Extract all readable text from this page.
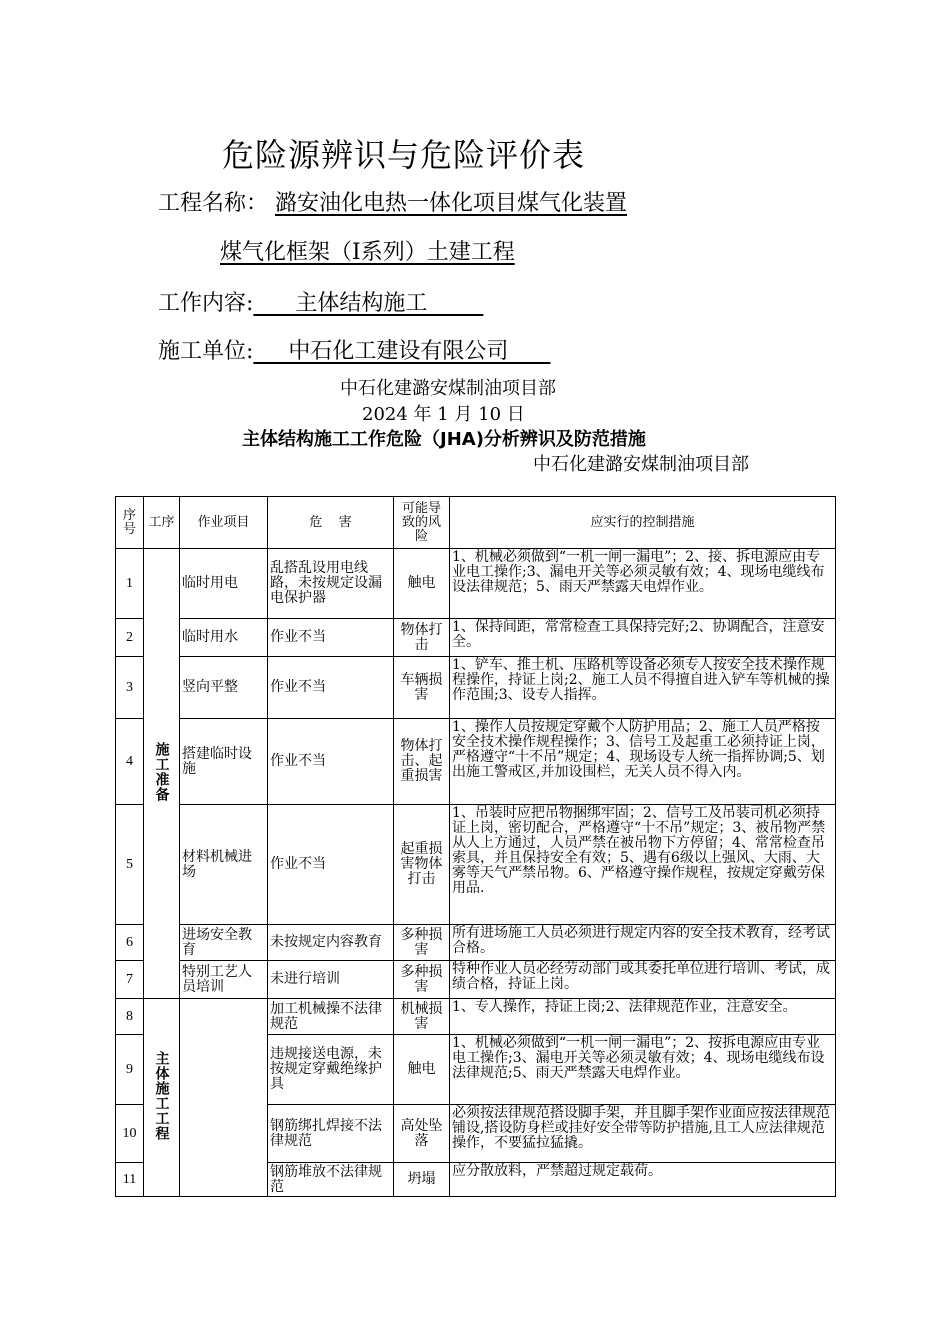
危险源辨识与危险评价表
工程名称： 潞安油化电热一体化项目煤气化装置
煤气化框架（Ⅰ系列）土建工程
工作内容:      主体结构施工
施工单位:     中石化工建设有限公司
中石化建潞安煤制油项目部
2024 年 1 月 10 日
主体结构施工工作危险（JHA)分析辨识及防范措施
中石化建潞安煤制油项目部
序号	工序	作业项目	危    害	可能导致的风险	应实行的控制措施
1	施工准备	临时用电	乱搭乱设用电线路，未按规定设漏电保护器	触电	1、机械必须做到“一机一闸一漏电”；2、接、拆电源应由专业电工操作;3、漏电开关等必须灵敏有效；4、现场电缆线布设法律规范；5、雨天严禁露天电焊作业。
2		临时用水	作业不当	物体打击	1、保持间距，常常检查工具保持完好;2、协调配合，注意安全。
3		竖向平整	作业不当	车辆损害	1、铲车、推土机、压路机等设备必须专人按安全技术操作规程操作，持证上岗;2、施工人员不得擅自进入铲车等机械的操作范围;3、设专人指挥。
4		搭建临时设施	作业不当	物体打击、起重损害	1、操作人员按规定穿戴个人防护用品；2、施工人员严格按安全技术操作规程操作；3、信号工及起重工必须持证上岗，严格遵守“十不吊”规定；4、现场设专人统一指挥协调;5、划出施工警戒区,并加设围栏，无关人员不得入内。
5		材料机械进场	作业不当	起重损害物体打击	1、吊装时应把吊物捆绑牢固；2、信号工及吊装司机必须持证上岗，密切配合，严格遵守“十不吊”规定；3、被吊物严禁从人上方通过，人员严禁在被吊物下方停留；4、常常检查吊索具，并且保持安全有效；5、遇有6级以上强风、大雨、大雾等天气严禁吊物。6、严格遵守操作规程，按规定穿戴劳保用品.
6		进场安全教育	未按规定内容教育	多种损害	所有进场施工人员必须进行规定内容的安全技术教育，经考试合格。
7		特别工艺人员培训	未进行培训	多种损害	特种作业人员必经劳动部门或其委托单位进行培训、考试，成绩合格，持证上岗。
8	主体施工工程		加工机械操不法律规范	机械损害	1、专人操作，持证上岗;2、法律规范作业，注意安全。
9			违规接送电源，未按规定穿戴绝缘护具	触电	1、机械必须做到“一机一闸一漏电”；2、按拆电源应由专业电工操作;3、漏电开关等必须灵敏有效；4、现场电缆线布设法律规范;5、雨天严禁露天电焊作业。
10			钢筋绑扎焊接不法律规范	高处坠落	必须按法律规范搭设脚手架，并且脚手架作业面应按法律规范铺设,搭设防身栏或挂好安全带等防护措施,且工人应法律规范操作，不要猛拉猛撬。
11			钢筋堆放不法律规范	坍塌	应分散放料，严禁超过规定载荷。
